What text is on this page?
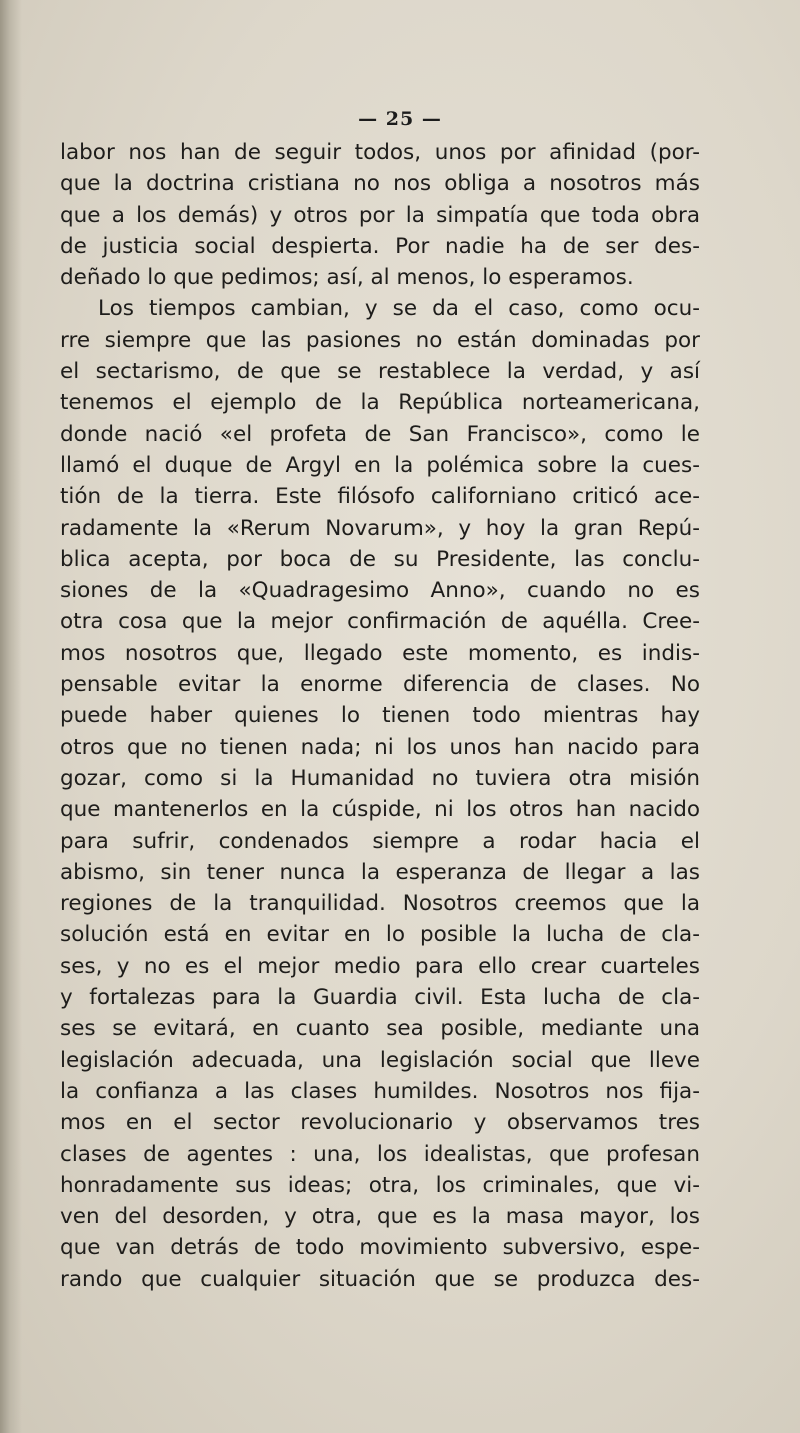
— 25 —
labor nos han de seguir todos, unos por afinidad (por-
que la doctrina cristiana no nos obliga a nosotros más
que a los demás) y otros por la simpatía que toda obra
de justicia social despierta. Por nadie ha de ser des-
deñado lo que pedimos; así, al menos, lo esperamos.
Los tiempos cambian, y se da el caso, como ocu-
rre siempre que las pasiones no están dominadas por
el sectarismo, de que se restablece la verdad, y así
tenemos el ejemplo de la República norteamericana,
donde nació «el profeta de San Francisco», como le
llamó el duque de Argyl en la polémica sobre la cues-
tión de la tierra. Este filósofo californiano criticó ace-
radamente la «Rerum Novarum», y hoy la gran Repú-
blica acepta, por boca de su Presidente, las conclu-
siones de la «Quadragesimo Anno», cuando no es
otra cosa que la mejor confirmación de aquélla. Cree-
mos nosotros que, llegado este momento, es indis-
pensable evitar la enorme diferencia de clases. No
puede haber quienes lo tienen todo mientras hay
otros que no tienen nada; ni los unos han nacido para
gozar, como si la Humanidad no tuviera otra misión
que mantenerlos en la cúspide, ni los otros han nacido
para sufrir, condenados siempre a rodar hacia el
abismo, sin tener nunca la esperanza de llegar a las
regiones de la tranquilidad. Nosotros creemos que la
solución está en evitar en lo posible la lucha de cla-
ses, y no es el mejor medio para ello crear cuarteles
y fortalezas para la Guardia civil. Esta lucha de cla-
ses se evitará, en cuanto sea posible, mediante una
legislación adecuada, una legislación social que lleve
la confianza a las clases humildes. Nosotros nos fija-
mos en el sector revolucionario y observamos tres
clases de agentes : una, los idealistas, que profesan
honradamente sus ideas; otra, los criminales, que vi-
ven del desorden, y otra, que es la masa mayor, los
que van detrás de todo movimiento subversivo, espe-
rando que cualquier situación que se produzca des-
